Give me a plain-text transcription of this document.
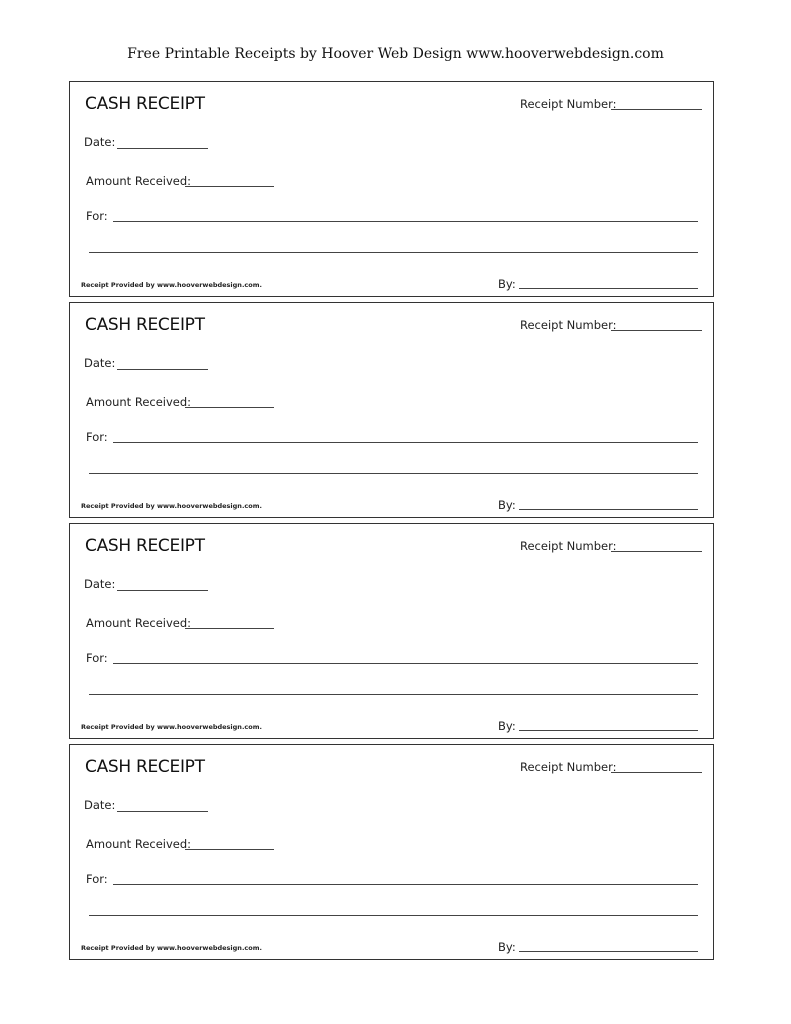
Free Printable Receipts by Hoover Web Design www.hooverwebdesign.com
CASH RECEIPT	Receipt Number:
Date:
Amount Received:
For:
Receipt Provided by www.hooverwebdesign.com.	By:
CASH RECEIPT	Receipt Number:
Date:
Amount Received:
For:
Receipt Provided by www.hooverwebdesign.com.	By:
CASH RECEIPT	Receipt Number:
Date:
Amount Received:
For:
Receipt Provided by www.hooverwebdesign.com.	By:
CASH RECEIPT	Receipt Number:
Date:
Amount Received:
For:
Receipt Provided by www.hooverwebdesign.com.	By:
